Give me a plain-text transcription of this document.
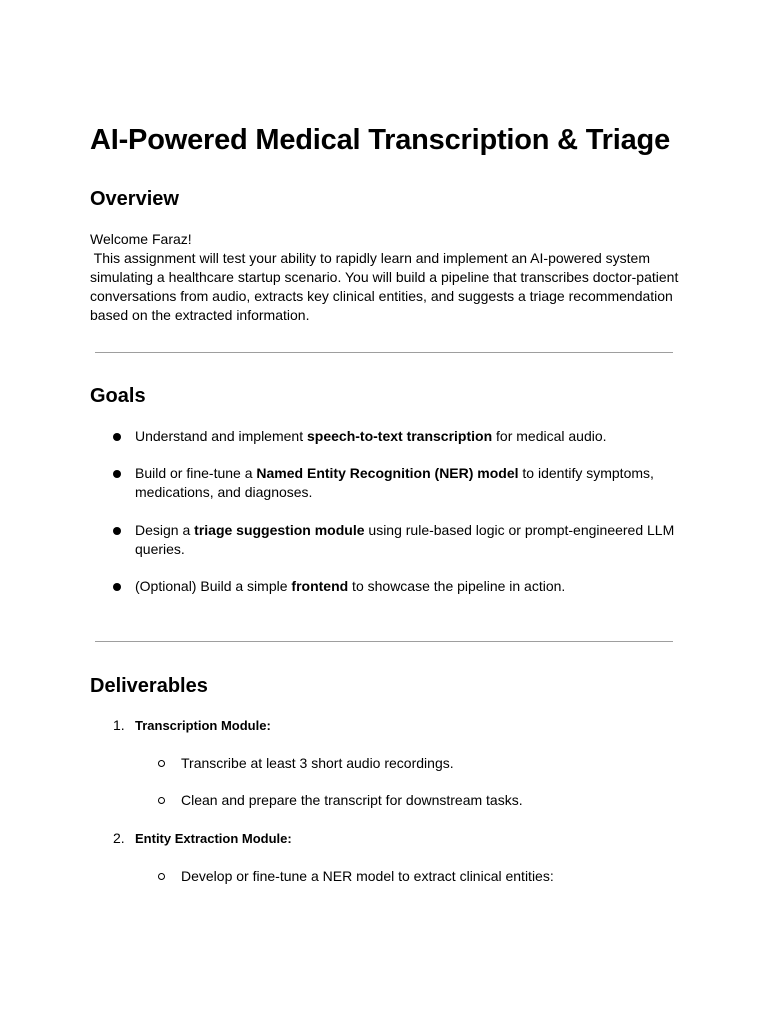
AI-Powered Medical Transcription & Triage
Overview
Welcome Faraz!
This assignment will test your ability to rapidly learn and implement an AI-powered system
simulating a healthcare startup scenario. You will build a pipeline that transcribes doctor-patient
conversations from audio, extracts key clinical entities, and suggests a triage recommendation
based on the extracted information.
Goals
Understand and implement speech-to-text transcription for medical audio.
Build or fine-tune a Named Entity Recognition (NER) model to identify symptoms,
medications, and diagnoses.
Design a triage suggestion module using rule-based logic or prompt-engineered LLM
queries.
(Optional) Build a simple frontend to showcase the pipeline in action.
Deliverables
1. Transcription Module:
Transcribe at least 3 short audio recordings.
Clean and prepare the transcript for downstream tasks.
2. Entity Extraction Module:
Develop or fine-tune a NER model to extract clinical entities:
